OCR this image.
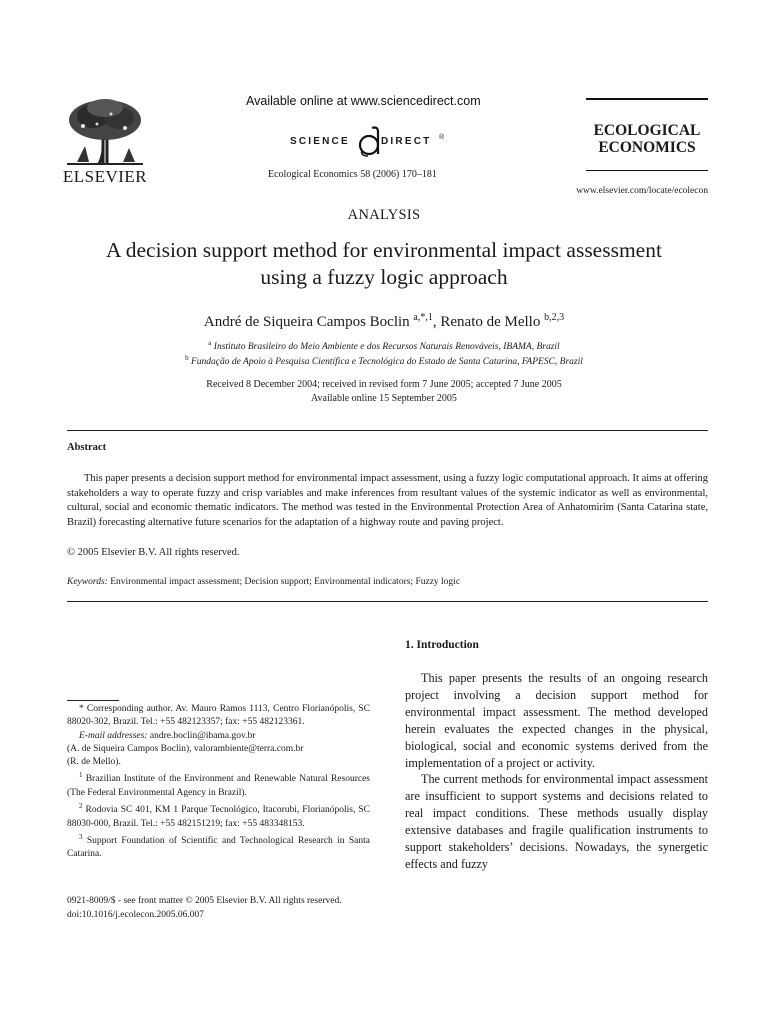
ELSEVIER
Available online at www.sciencedirect.com
SCIENCE	DIRECT ®
Ecological Economics 58 (2006) 170–181
ECOLOGICAL
ECONOMICS
www.elsevier.com/locate/ecolecon
ANALYSIS
A decision support method for environmental impact assessment
using a fuzzy logic approach
André de Siqueira Campos Boclin $^{a,*,1}$, Renato de Mello $^{b,2,3}$
$^a$ Instituto Brasileiro do Meio Ambiente e dos Recursos Naturais Renováveis, IBAMA, Brazil
$^b$ Fundação de Apoio à Pesquisa Científica e Tecnológica do Estado de Santa Catarina, FAPESC, Brazil
Received 8 December 2004; received in revised form 7 June 2005; accepted 7 June 2005
Available online 15 September 2005
Abstract
This paper presents a decision support method for environmental impact assessment, using a fuzzy logic computational approach. It aims at offering stakeholders a way to operate fuzzy and crisp variables and make inferences from resultant values of the systemic indicator as well as environmental, cultural, social and economic thematic indicators. The method was tested in the Environmental Protection Area of Anhatomirim (Santa Catarina state, Brazil) forecasting alternative future scenarios for the adaptation of a highway route and paving project.
© 2005 Elsevier B.V. All rights reserved.
Keywords: Environmental impact assessment; Decision support; Environmental indicators; Fuzzy logic
1. Introduction

This paper presents the results of an ongoing research project involving a decision support method for environmental impact assessment. The method developed herein evaluates the expected changes in the physical, biological, social and economic systems derived from the implementation of a project or activity.

The current methods for environmental impact assessment are insufficient to support systems and decisions related to real impact conditions. These methods usually display extensive databases and fragile qualification instruments to support stakeholders’ decisions. Nowadays, the synergetic effects and fuzzy

* Corresponding author. Av. Mauro Ramos 1113, Centro Florianópolis, SC 88020-302, Brazil. Tel.: +55 482123357; fax: +55 482123361.

E-mail addresses: andre.boclin@ibama.gov.br

(A. de Siqueira Campos Boclin), valorambiente@terra.com.br

(R. de Mello).

$^1$ Brazilian Institute of the Environment and Renewable Natural Resources (The Federal Environmental Agency in Brazil).

$^2$ Rodovia SC 401, KM 1 Parque Tecnológico, Itacorubi, Florianópolis, SC 88030-000, Brazil. Tel.: +55 482151219; fax: +55 483348153.

$^3$ Support Foundation of Scientific and Technological Research in Santa Catarina.

0921-8009/$ - see front matter © 2005 Elsevier B.V. All rights reserved.
doi:10.1016/j.ecolecon.2005.06.007
